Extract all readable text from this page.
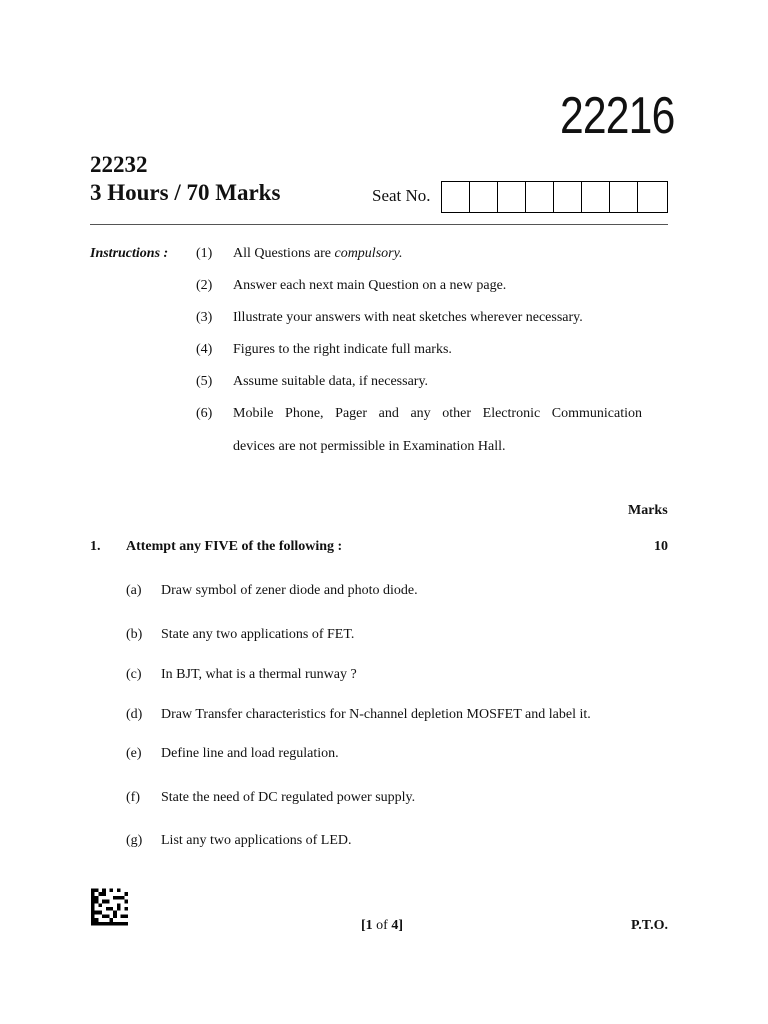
22216
22232
3 Hours / 70 Marks	Seat No.
Instructions : (1) All Questions are compulsory.
(2) Answer each next main Question on a new page.
(3) Illustrate your answers with neat sketches wherever necessary.
(4) Figures to the right indicate full marks.
(5) Assume suitable data, if necessary.
(6) Mobile Phone, Pager and any other Electronic Communication
devices are not permissible in Examination Hall.
Marks
1. Attempt any FIVE of the following :	10
(a) Draw symbol of zener diode and photo diode.
(b) State any two applications of FET.
(c) In BJT, what is a thermal runway ?
(d) Draw Transfer characteristics for N-channel depletion MOSFET and label it.
(e) Define line and load regulation.
(f) State the need of DC regulated power supply.
(g) List any two applications of LED.
[1 of 4]	P.T.O.
